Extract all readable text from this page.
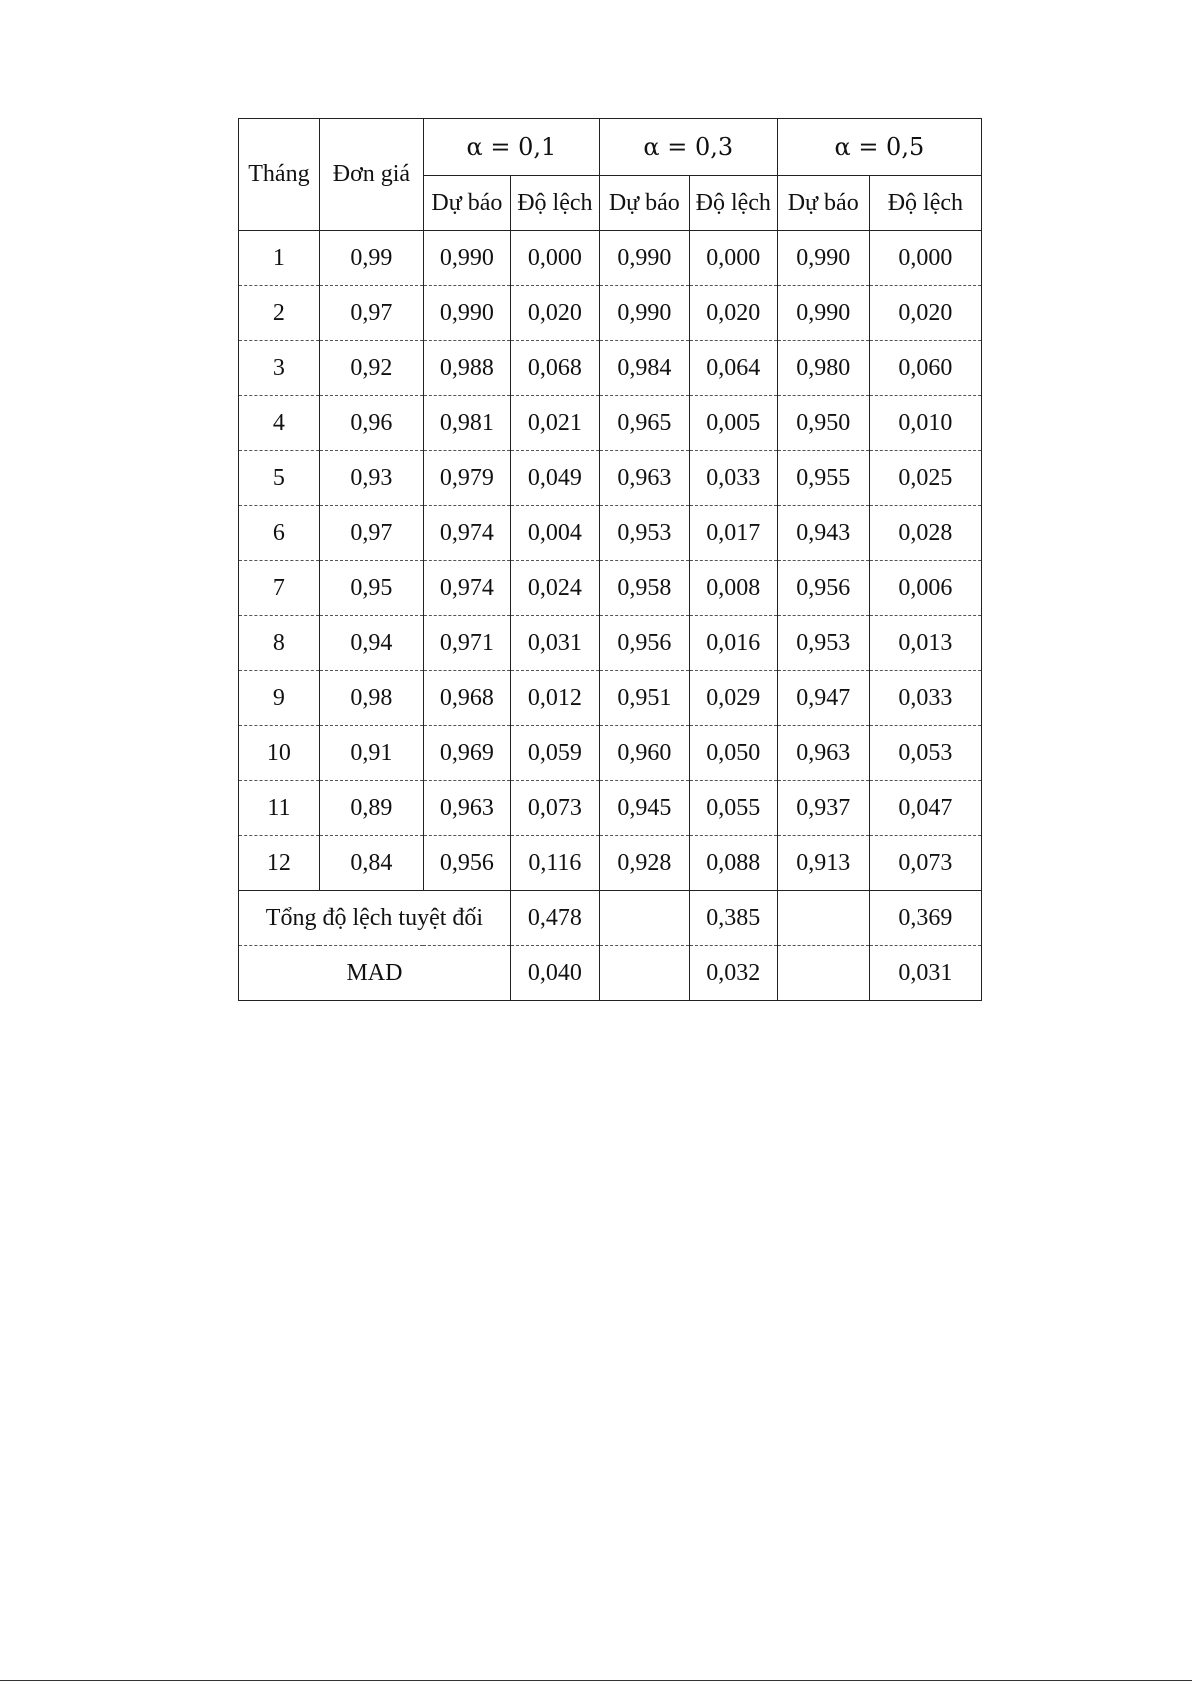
Tháng	Đơn giá	α = 0,1		α = 0,3		α = 0,5	
		Dự báo	Độ lệch	Dự báo	Độ lệch	Dự báo	Độ lệch
1	0,99	0,990	0,000	0,990	0,000	0,990	0,000
2	0,97	0,990	0,020	0,990	0,020	0,990	0,020
3	0,92	0,988	0,068	0,984	0,064	0,980	0,060
4	0,96	0,981	0,021	0,965	0,005	0,950	0,010
5	0,93	0,979	0,049	0,963	0,033	0,955	0,025
6	0,97	0,974	0,004	0,953	0,017	0,943	0,028
7	0,95	0,974	0,024	0,958	0,008	0,956	0,006
8	0,94	0,971	0,031	0,956	0,016	0,953	0,013
9	0,98	0,968	0,012	0,951	0,029	0,947	0,033
10	0,91	0,969	0,059	0,960	0,050	0,963	0,053
11	0,89	0,963	0,073	0,945	0,055	0,937	0,047
12	0,84	0,956	0,116	0,928	0,088	0,913	0,073
Tổng độ lệch tuyệt đối			0,478		0,385		0,369
MAD			0,040		0,032		0,031
